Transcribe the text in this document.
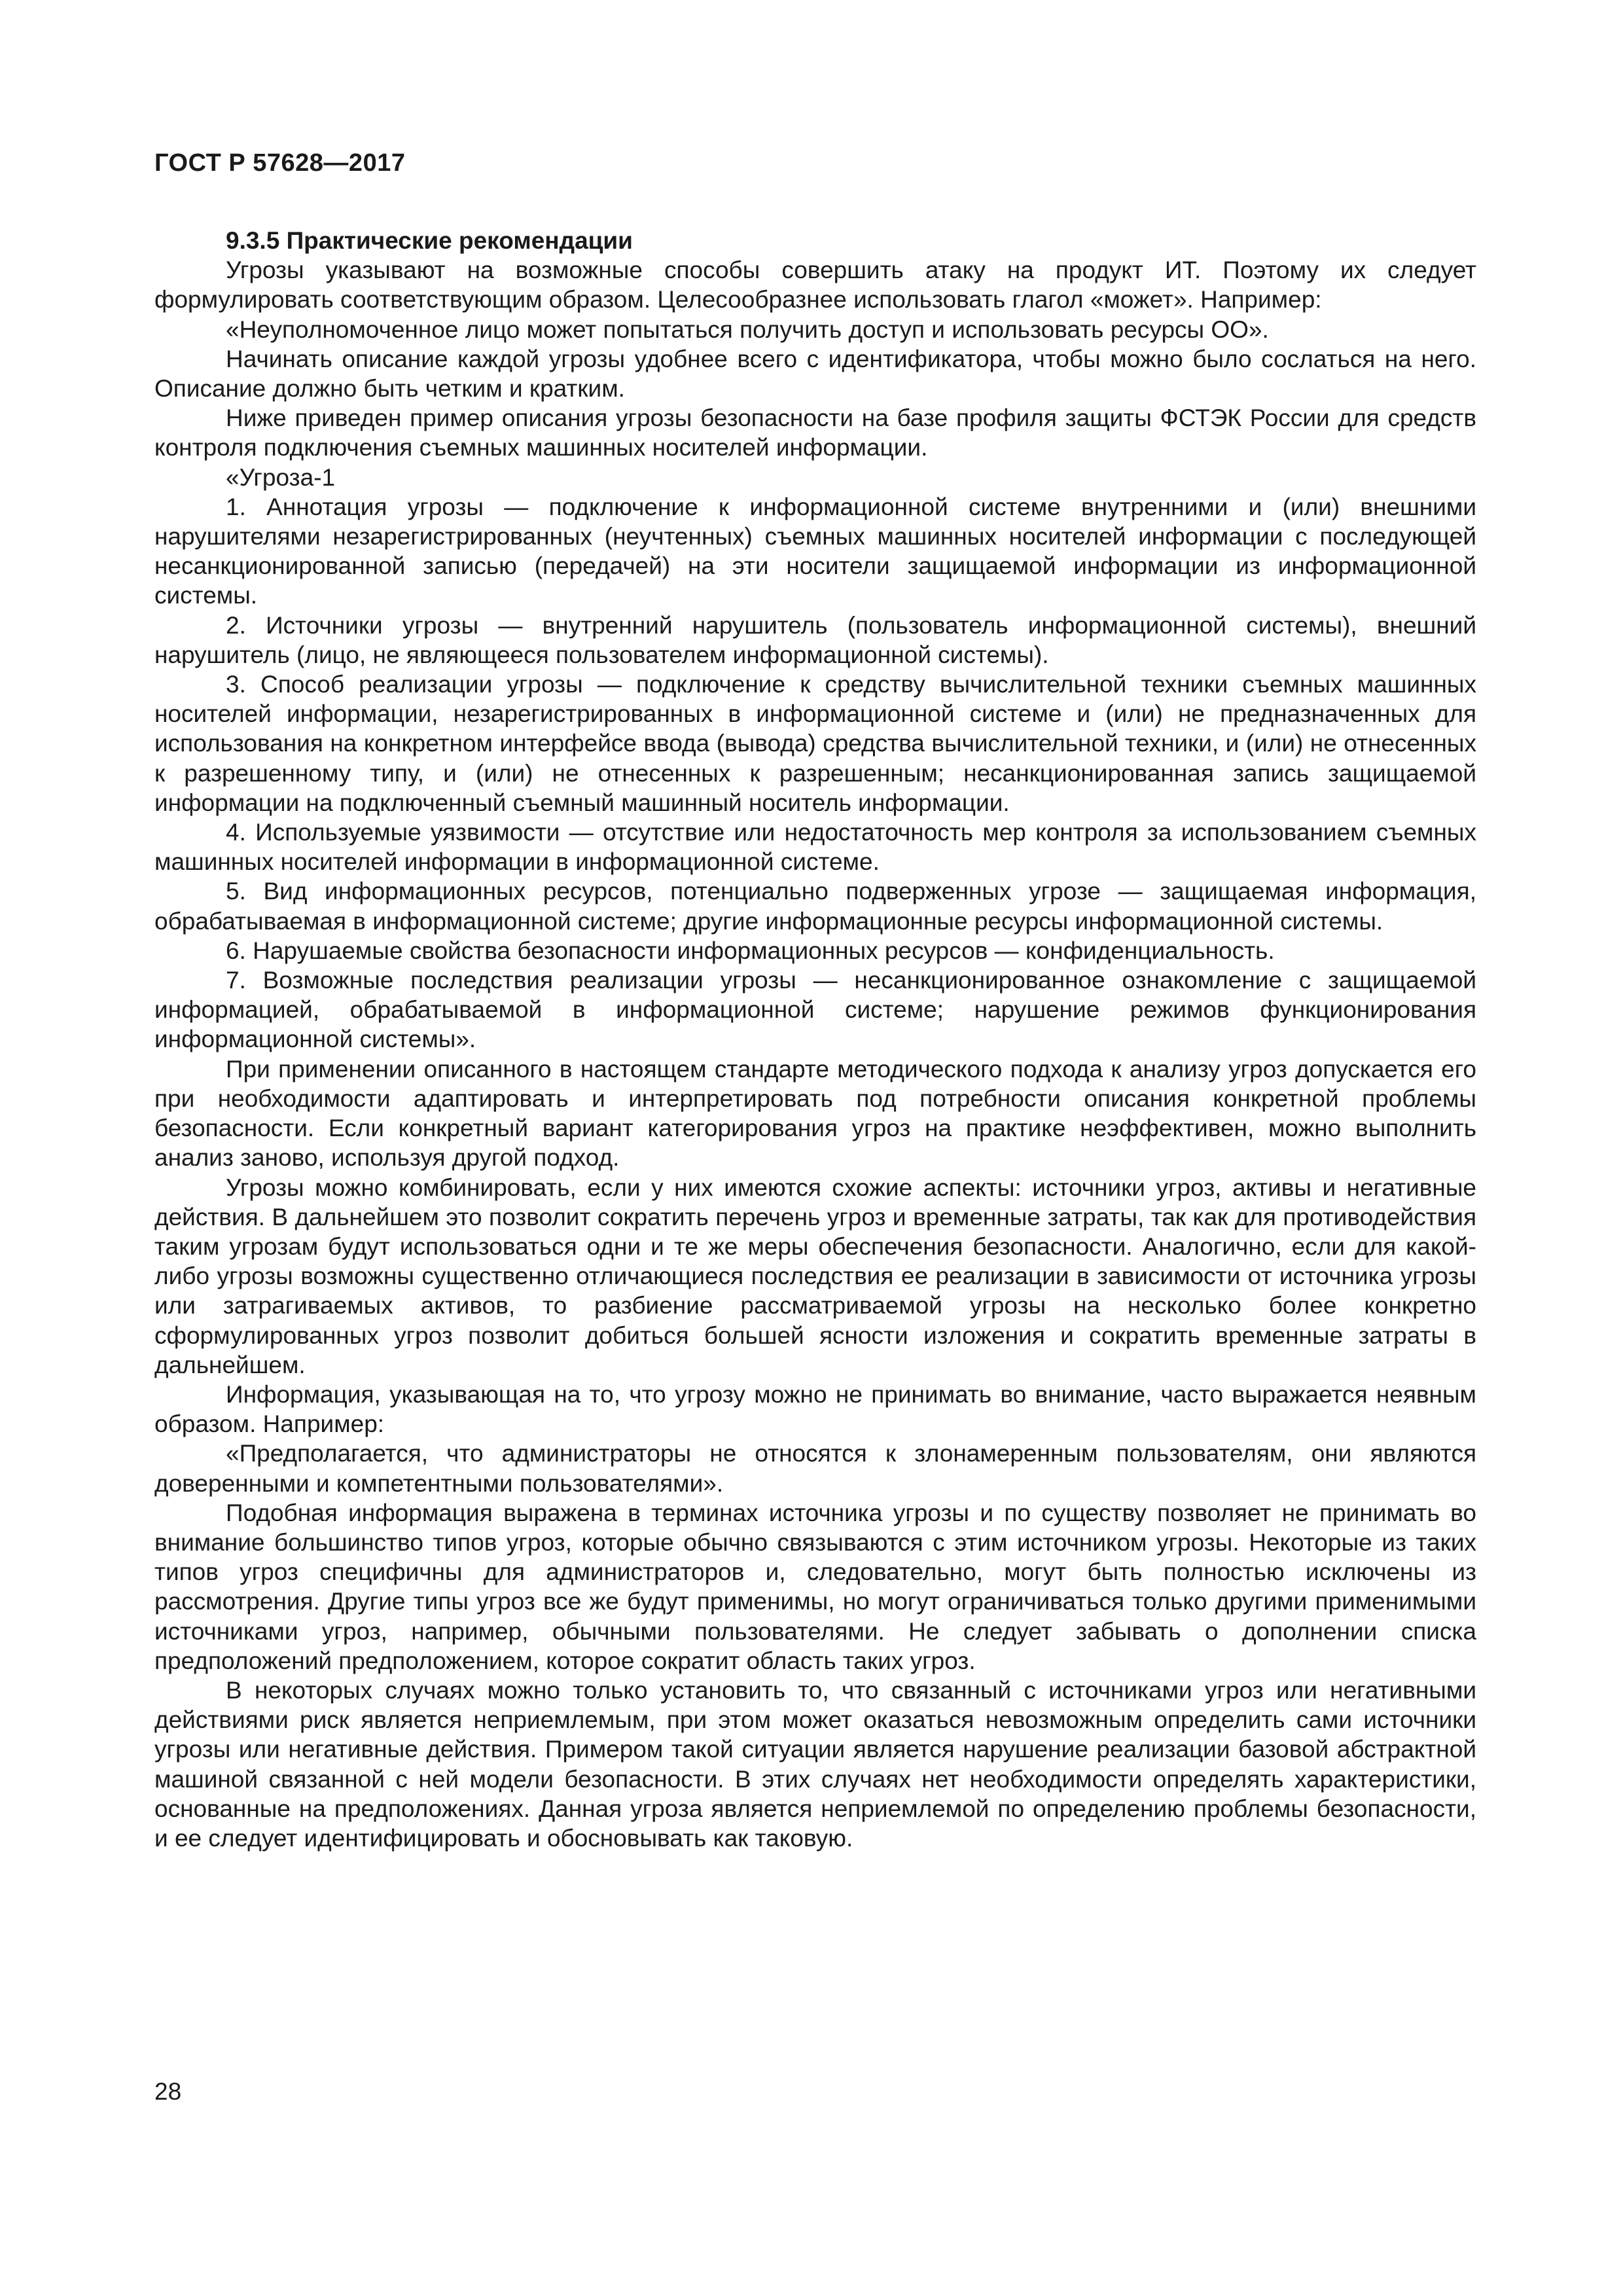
ГОСТ Р 57628—2017

9.3.5 Практические рекомендации

Угрозы указывают на возможные способы совершить атаку на продукт ИТ. Поэтому их следует формулировать соответствующим образом. Целесообразнее использовать глагол «может». Например:

«Неуполномоченное лицо может попытаться получить доступ и использовать ресурсы ОО».

Начинать описание каждой угрозы удобнее всего с идентификатора, чтобы можно было сослаться на него. Описание должно быть четким и кратким.

Ниже приведен пример описания угрозы безопасности на базе профиля защиты ФСТЭК России для средств контроля подключения съемных машинных носителей информации.

«Угроза-1

1. Аннотация угрозы — подключение к информационной системе внутренними и (или) внешними нарушителями незарегистрированных (неучтенных) съемных машинных носителей информации с последующей несанкционированной записью (передачей) на эти носители защищаемой информации из информационной системы.

2. Источники угрозы — внутренний нарушитель (пользователь информационной системы), внешний нарушитель (лицо, не являющееся пользователем информационной системы).

3. Способ реализации угрозы — подключение к средству вычислительной техники съемных машинных носителей информации, незарегистрированных в информационной системе и (или) не предназначенных для использования на конкретном интерфейсе ввода (вывода) средства вычислительной техники, и (или) не отнесенных к разрешенному типу, и (или) не отнесенных к разрешенным; несанкционированная запись защищаемой информации на подключенный съемный машинный носитель информации.

4. Используемые уязвимости — отсутствие или недостаточность мер контроля за использованием съемных машинных носителей информации в информационной системе.

5. Вид информационных ресурсов, потенциально подверженных угрозе — защищаемая информация, обрабатываемая в информационной системе; другие информационные ресурсы информационной системы.

6. Нарушаемые свойства безопасности информационных ресурсов — конфиденциальность.

7. Возможные последствия реализации угрозы — несанкционированное ознакомление с защищаемой информацией, обрабатываемой в информационной системе; нарушение режимов функционирования информационной системы».

При применении описанного в настоящем стандарте методического подхода к анализу угроз допускается его при необходимости адаптировать и интерпретировать под потребности описания конкретной проблемы безопасности. Если конкретный вариант категорирования угроз на практике неэффективен, можно выполнить анализ заново, используя другой подход.

Угрозы можно комбинировать, если у них имеются схожие аспекты: источники угроз, активы и негативные действия. В дальнейшем это позволит сократить перечень угроз и временные затраты, так как для противодействия таким угрозам будут использоваться одни и те же меры обеспечения безопасности. Аналогично, если для какой-либо угрозы возможны существенно отличающиеся последствия ее реализации в зависимости от источника угрозы или затрагиваемых активов, то разбиение рассматриваемой угрозы на несколько более конкретно сформулированных угроз позволит добиться большей ясности изложения и сократить временные затраты в дальнейшем.

Информация, указывающая на то, что угрозу можно не принимать во внимание, часто выражается неявным образом. Например:

«Предполагается, что администраторы не относятся к злонамеренным пользователям, они являются доверенными и компетентными пользователями».

Подобная информация выражена в терминах источника угрозы и по существу позволяет не принимать во внимание большинство типов угроз, которые обычно связываются с этим источником угрозы. Некоторые из таких типов угроз специфичны для администраторов и, следовательно, могут быть полностью исключены из рассмотрения. Другие типы угроз все же будут применимы, но могут ограничиваться только другими применимыми источниками угроз, например, обычными пользователями. Не следует забывать о дополнении списка предположений предположением, которое сократит область таких угроз.

В некоторых случаях можно только установить то, что связанный с источниками угроз или негативными действиями риск является неприемлемым, при этом может оказаться невозможным определить сами источники угрозы или негативные действия. Примером такой ситуации является нарушение реализации базовой абстрактной машиной связанной с ней модели безопасности. В этих случаях нет необходимости определять характеристики, основанные на предположениях. Данная угроза является неприемлемой по определению проблемы безопасности, и ее следует идентифицировать и обосновывать как таковую.

28
